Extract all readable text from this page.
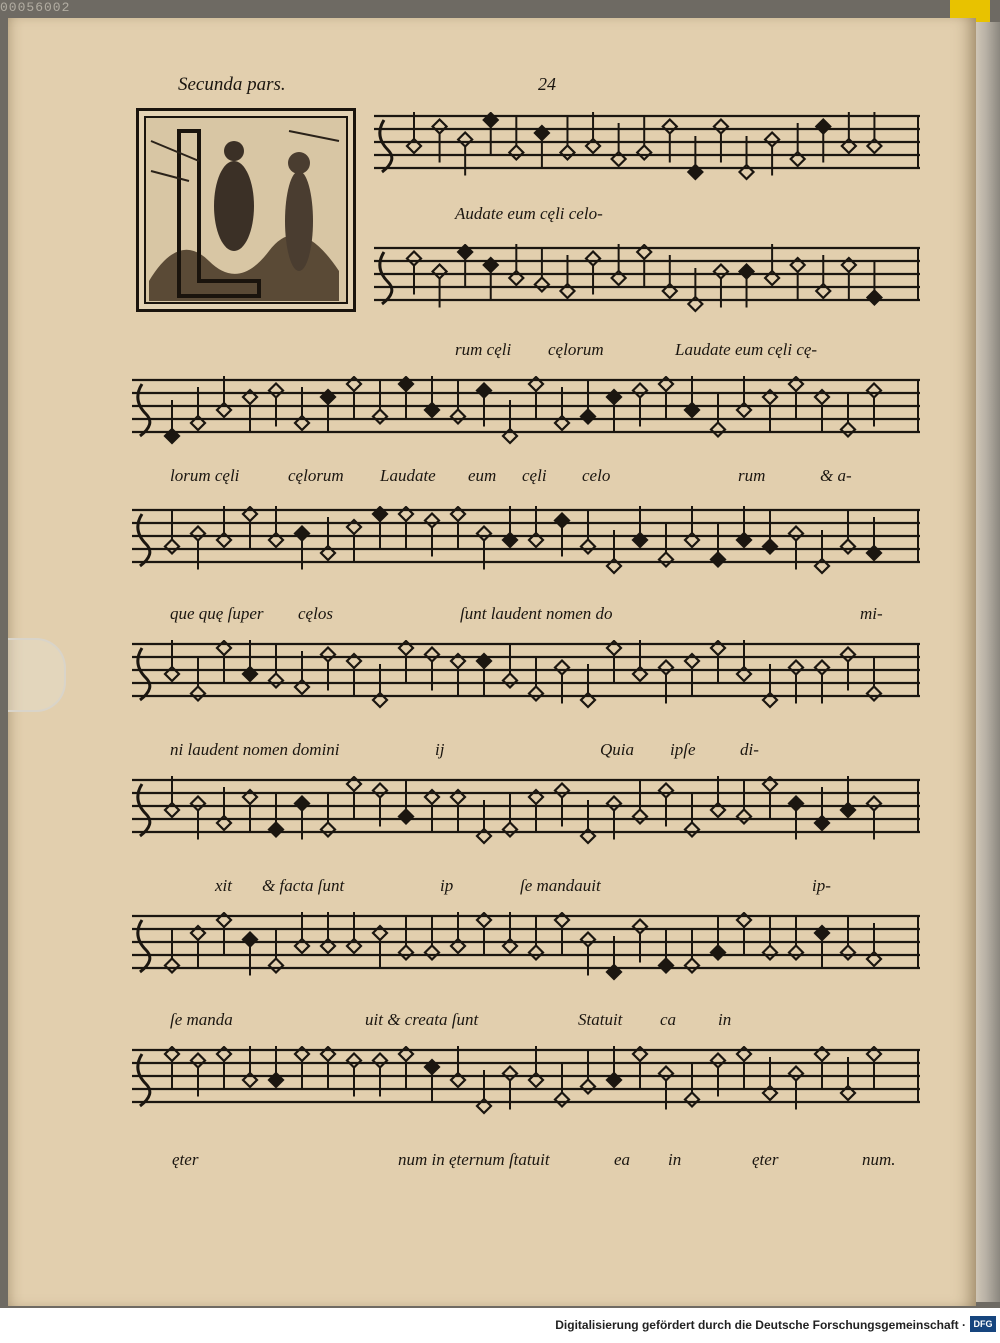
00056002
Secunda pars.	24

Audate eum cęli celo-

rum cęli cęlorum	Laudate eum cęli cę-

lorum cęli	cęlorum Laudate eum cęli celo	rum	& a-

que quę ſuper cęlos	ſunt laudent nomen do	mi-

ni laudent nomen domini	ij	Quia ipſe	di-

xit & facta ſunt	ip	ſe mandauit	ip-

ſe manda	uit & creata ſunt	Statuit ca in

ęter	num in ęternum ſtatuit	ea in	ęter	num.

Digitalisierung gefördert durch die Deutsche Forschungsgemeinschaft · DFG
